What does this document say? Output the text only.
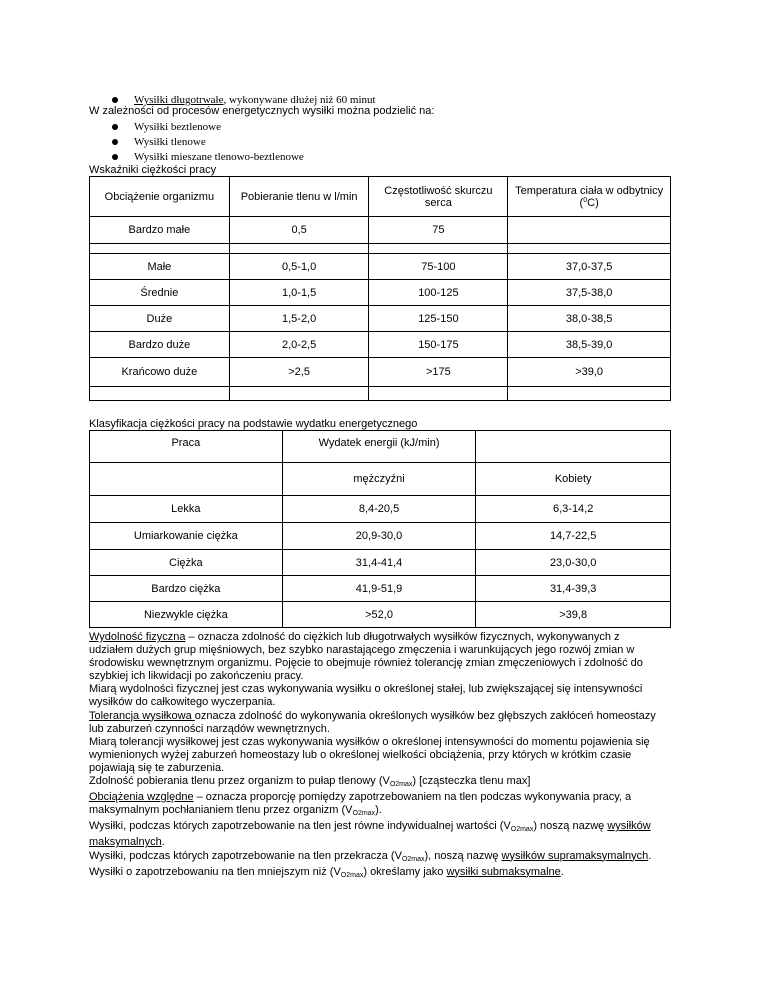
Wysiłki długotrwałe, wykonywane dłużej niż 60 minut
W zależności od procesów energetycznych wysiłki można podzielić na:
Wysiłki beztlenowe
Wysiłki tlenowe
Wysiłki mieszane tlenowo-beztlenowe
Wskaźniki ciężkości pracy
Obciążenie organizmu	Pobieranie tlenu w l/min	Częstotliwość skurczu serca	Temperatura ciała w odbytnicy ($^0$C)
Bardzo małe	0,5	75	

Małe	0,5-1,0	75-100	37,0-37,5
Średnie	1,0-1,5	100-125	37,5-38,0
Duże	1,5-2,0	125-150	38,0-38,5
Bardzo duże	2,0-2,5	150-175	38,5-39,0
Krańcowo duże	>2,5	>175	>39,0

Klasyfikacja ciężkości pracy na podstawie wydatku energetycznego
Praca	Wydatek energii (kJ/min)	
	mężczyźni	Kobiety
Lekka	8,4-20,5	6,3-14,2
Umiarkowanie ciężka	20,9-30,0	14,7-22,5
Ciężka	31,4-41,4	23,0-30,0
Bardzo ciężka	41,9-51,9	31,4-39,3
Niezwykle ciężka	>52,0	>39,8

Wydolność fizyczna – oznacza zdolność do ciężkich lub długotrwałych wysiłków fizycznych, wykonywanych z udziałem dużych grup mięśniowych, bez szybko narastającego zmęczenia i warunkujących jego rozwój zmian w środowisku wewnętrznym organizmu. Pojęcie to obejmuje również tolerancję zmian zmęczeniowych i zdolność do szybkiej ich likwidacji po zakończeniu pracy.

Miarą wydolności fizycznej jest czas wykonywania wysiłku o określonej stałej, lub zwiększającej się intensywności wysiłków do całkowitego wyczerpania.

Tolerancja wysiłkowa oznacza zdolność do wykonywania określonych wysiłków bez głębszych zakłóceń homeostazy lub zaburzeń czynności narządów wewnętrznych.

Miarą tolerancji wysiłkowej jest czas wykonywania wysiłków o określonej intensywności do momentu pojawienia się wymienionych wyżej zaburzeń homeostazy lub o określonej wielkości obciążenia, przy których w krótkim czasie pojawiają się te zaburzenia.

Zdolność pobierania tlenu przez organizm to pułap tlenowy $(V_{O2max})$ [cząsteczka tlenu max]

Obciążenia względne – oznacza proporcję pomiędzy zapotrzebowaniem na tlen podczas wykonywania pracy, a maksymalnym pochłanianiem tlenu przez organizm $(V_{O2max})$.

Wysiłki, podczas których zapotrzebowanie na tlen jest równe indywidualnej wartości $(V_{O2max})$ noszą nazwę wysiłków maksymalnych.

Wysiłki, podczas których zapotrzebowanie na tlen przekracza $(V_{O2max})$, noszą nazwę wysiłków supramaksymalnych.

Wysiłki o zapotrzebowaniu na tlen mniejszym niż $(V_{O2max})$ określamy jako wysiłki submaksymalne.
